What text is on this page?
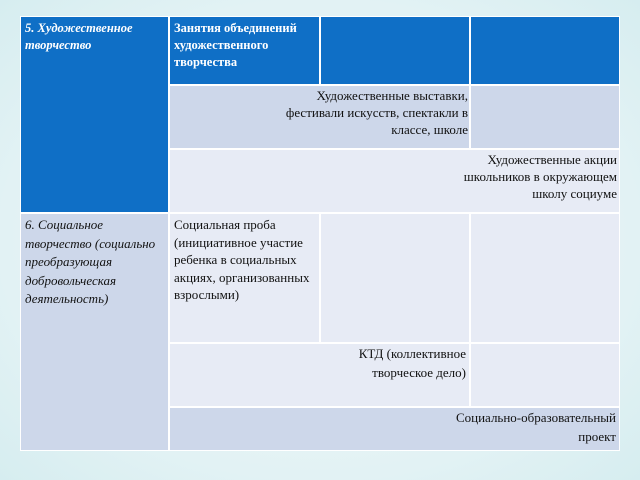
5. Художественное творчество
Занятия объединений художественного творчества
Художественные выставки, фестивали искусств, спектакли в классе, школе
Художественные акции школьников в окружающем школу социуме
6. Социальное творчество (социально преобразующая добровольческая деятельность)
Социальная проба (инициативное участие ребенка в социальных акциях, организованных взрослыми)
КТД (коллективное творческое дело)
Социально-образовательный проект
